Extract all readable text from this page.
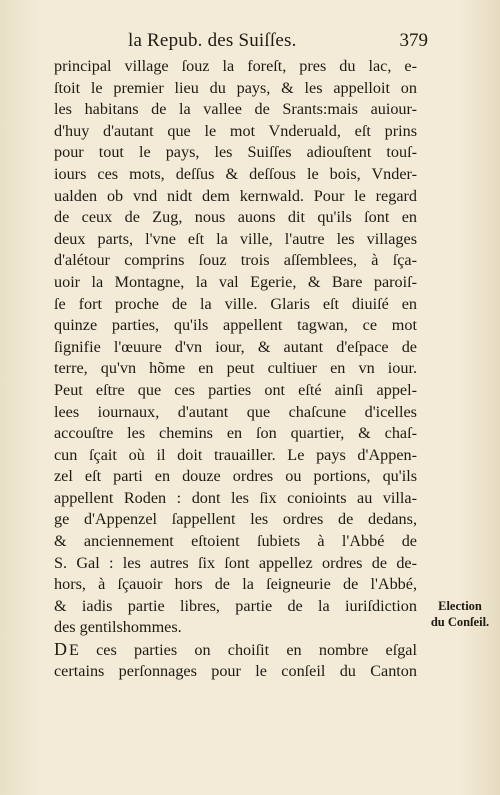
la Repub. des Suiſſes.	379
principal village ſouz la foreſt, pres du lac, e-
ſtoit le premier lieu du pays, & les appelloit on
les habitans de la vallee de Srants:mais auiour-
d'huy d'autant que le mot Vnderuald, eſt prins
pour tout le pays, les Suiſſes adiouſtent touſ-
iours ces mots, deſſus & deſſous le bois, Vnder-
ualden ob vnd nidt dem kernwald. Pour le regard
de ceux de Zug, nous auons dit qu'ils ſont en
deux parts, l'vne eſt la ville, l'autre les villages
d'alétour comprins ſouz trois aſſemblees, à ſça-
uoir la Montagne, la val Egerie, & Bare paroiſ-
ſe fort proche de la ville. Glaris eſt diuiſé en
quinze parties, qu'ils appellent tagwan, ce mot
ſignifie l'œuure d'vn iour, & autant d'eſpace de
terre, qu'vn hõme en peut cultiuer en vn iour.
Peut eſtre que ces parties ont eſté ainſi appel-
lees iournaux, d'autant que chaſcune d'icelles
accouſtre les chemins en ſon quartier, & chaſ-
cun ſçait où il doit trauailler. Le pays d'Appen-
zel eſt parti en douze ordres ou portions, qu'ils
appellent Roden : dont les ſix conioints au villa-
ge d'Appenzel ſappellent les ordres de dedans,
& anciennement eſtoient ſubiets à l'Abbé de
S. Gal : les autres ſix ſont appellez ordres de de-
hors, à ſçauoir hors de la ſeigneurie de l'Abbé,
& iadis partie libres, partie de la iuriſdiction
des gentilshommes.
DE ces parties on choiſit en nombre eſgal
certains perſonnages pour le conſeil du Canton
Election
du Conſeil.
